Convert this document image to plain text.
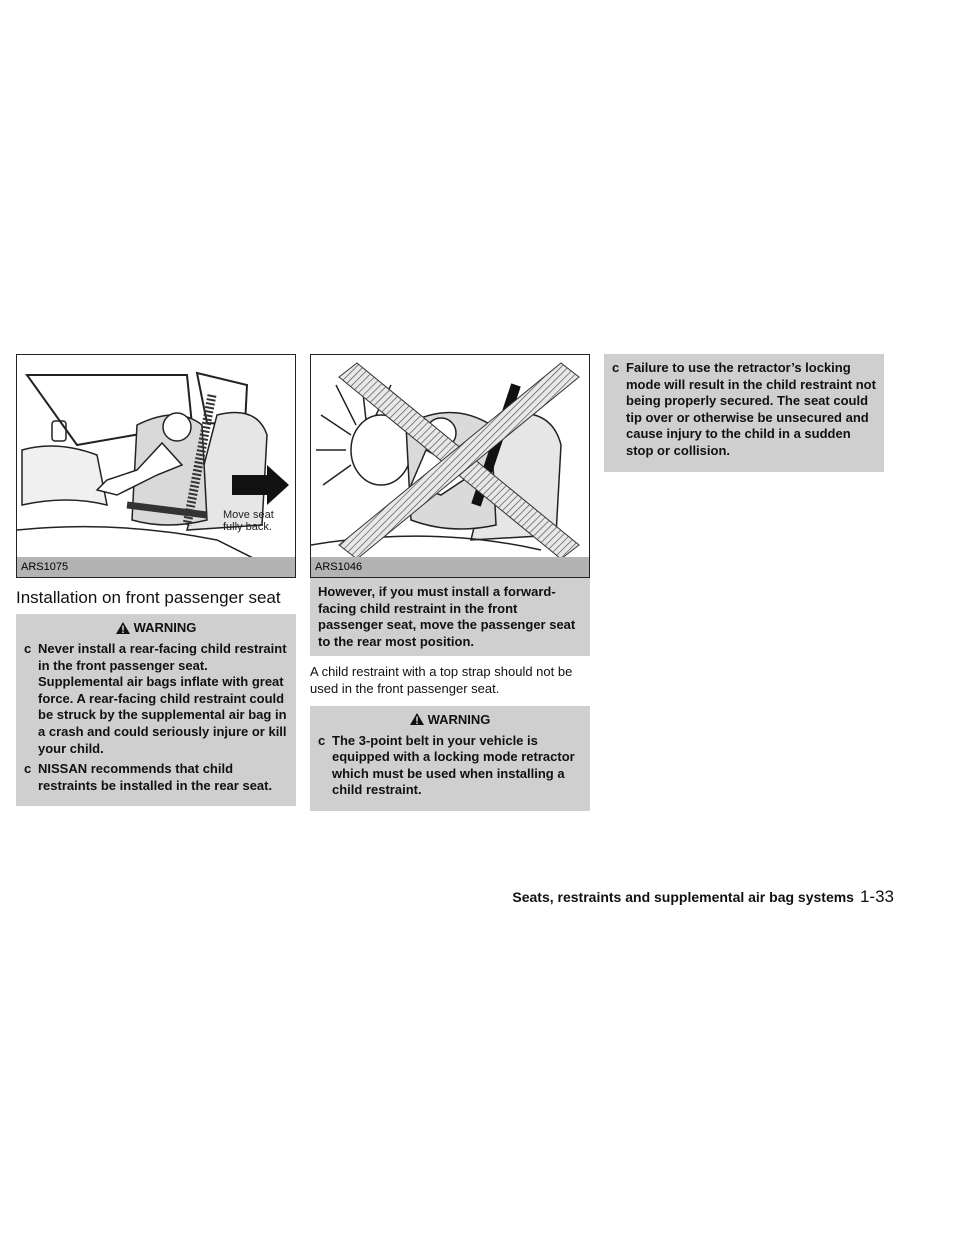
Move seat
fully back.
ARS1075
Installation on front passenger seat
WARNING
c Never install a rear-facing child restraint in the front passenger seat. Supplemental air bags inflate with great force. A rear-facing child restraint could be struck by the supplemental air bag in a crash and could seriously injure or kill your child.
c NISSAN recommends that child restraints be installed in the rear seat.
ARS1046

However, if you must install a forward-facing child restraint in the front passenger seat, move the passenger seat to the rear most position.

A child restraint with a top strap should not be used in the front passenger seat.

WARNING
c The 3-point belt in your vehicle is equipped with a locking mode retractor which must be used when installing a child restraint.
c Failure to use the retractor’s locking mode will result in the child restraint not being properly secured. The seat could tip over or otherwise be unsecured and cause injury to the child in a sudden stop or collision.
Seats, restraints and supplemental air bag systems 1-33
